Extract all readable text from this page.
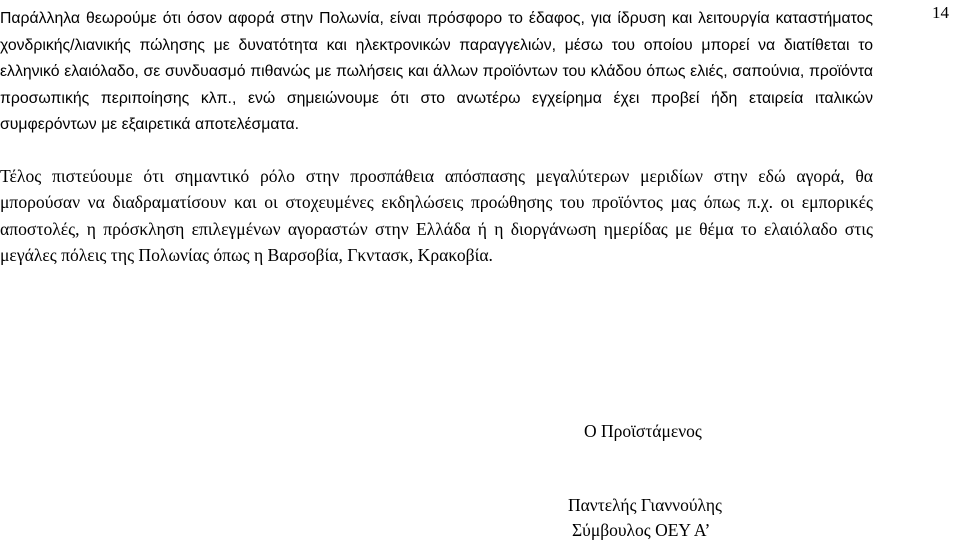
14

Παράλληλα θεωρούμε ότι όσον αφορά στην Πολωνία, είναι πρόσφορο το έδαφος, για ίδρυση και λειτουργία καταστήματος χονδρικής/λιανικής πώλησης με δυνατότητα και ηλεκτρονικών παραγγελιών, μέσω του οποίου μπορεί να διατίθεται το ελληνικό ελαιόλαδο, σε συνδυασμό πιθανώς με πωλήσεις και άλλων προϊόντων του κλάδου όπως ελιές, σαπούνια, προϊόντα προσωπικής περιποίησης κλπ., ενώ σημειώνουμε ότι στο ανωτέρω εγχείρημα έχει προβεί ήδη εταιρεία ιταλικών συμφερόντων με εξαιρετικά αποτελέσματα.

Τέλος πιστεύουμε ότι σημαντικό ρόλο στην προσπάθεια απόσπασης μεγαλύτερων μεριδίων στην εδώ αγορά, θα μπορούσαν να διαδραματίσουν και οι στοχευμένες εκδηλώσεις προώθησης του προϊόντος μας όπως π.χ. οι εμπορικές αποστολές, η πρόσκληση επιλεγμένων αγοραστών στην Ελλάδα ή η διοργάνωση ημερίδας με θέμα το ελαιόλαδο στις μεγάλες πόλεις της Πολωνίας όπως η Βαρσοβία, Γκντασκ, Κρακοβία.

Ο Προϊστάμενος
Παντελής Γιαννούλης
Σύμβουλος ΟΕΥ Α’
